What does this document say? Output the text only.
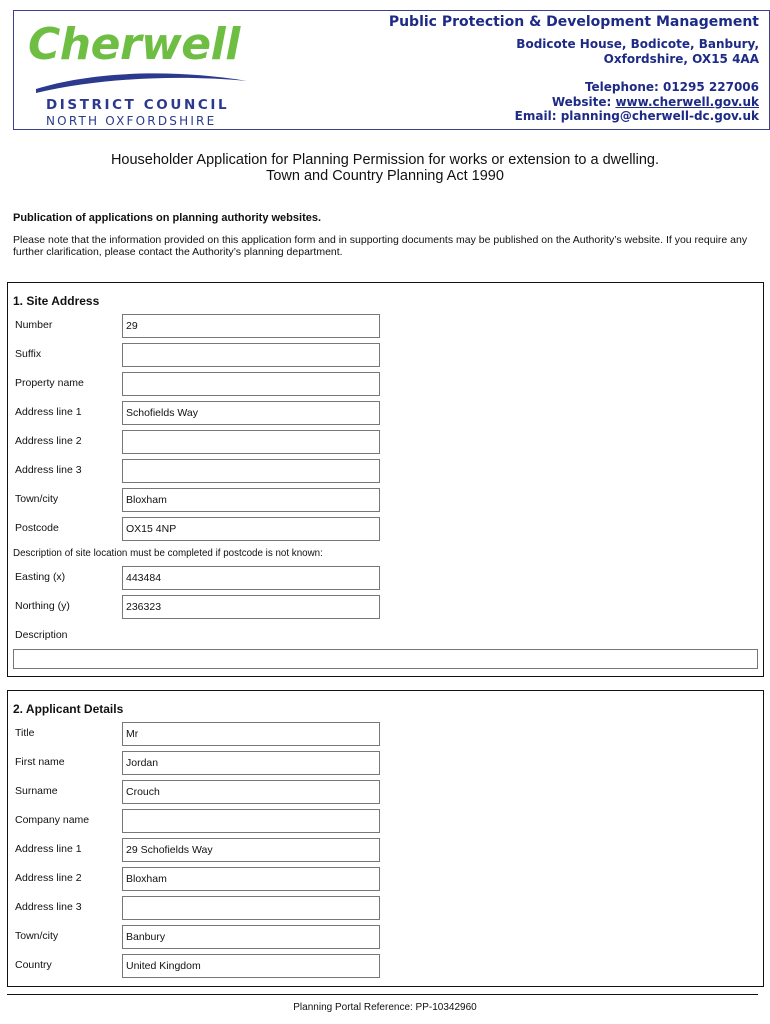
Cherwell
DISTRICT COUNCIL
NORTH OXFORDSHIRE
Public Protection & Development Management
Bodicote House, Bodicote, Banbury,
Oxfordshire, OX15 4AA
Telephone: 01295 227006
Website: www.cherwell.gov.uk
Email: planning@cherwell-dc.gov.uk
Householder Application for Planning Permission for works or extension to a dwelling.
Town and Country Planning Act 1990
Publication of applications on planning authority websites.
Please note that the information provided on this application form and in supporting documents may be published on the Authority’s website. If you require any further clarification, please contact the Authority’s planning department.
1. Site Address
Number	29
Suffix
Property name
Address line 1	Schofields Way
Address line 2
Address line 3
Town/city	Bloxham
Postcode	OX15 4NP
Description of site location must be completed if postcode is not known:
Easting (x)	443484
Northing (y)	236323
Description
2. Applicant Details
Title	Mr
First name	Jordan
Surname	Crouch
Company name
Address line 1	29 Schofields Way
Address line 2	Bloxham
Address line 3
Town/city	Banbury
Country	United Kingdom
Planning Portal Reference: PP-10342960
